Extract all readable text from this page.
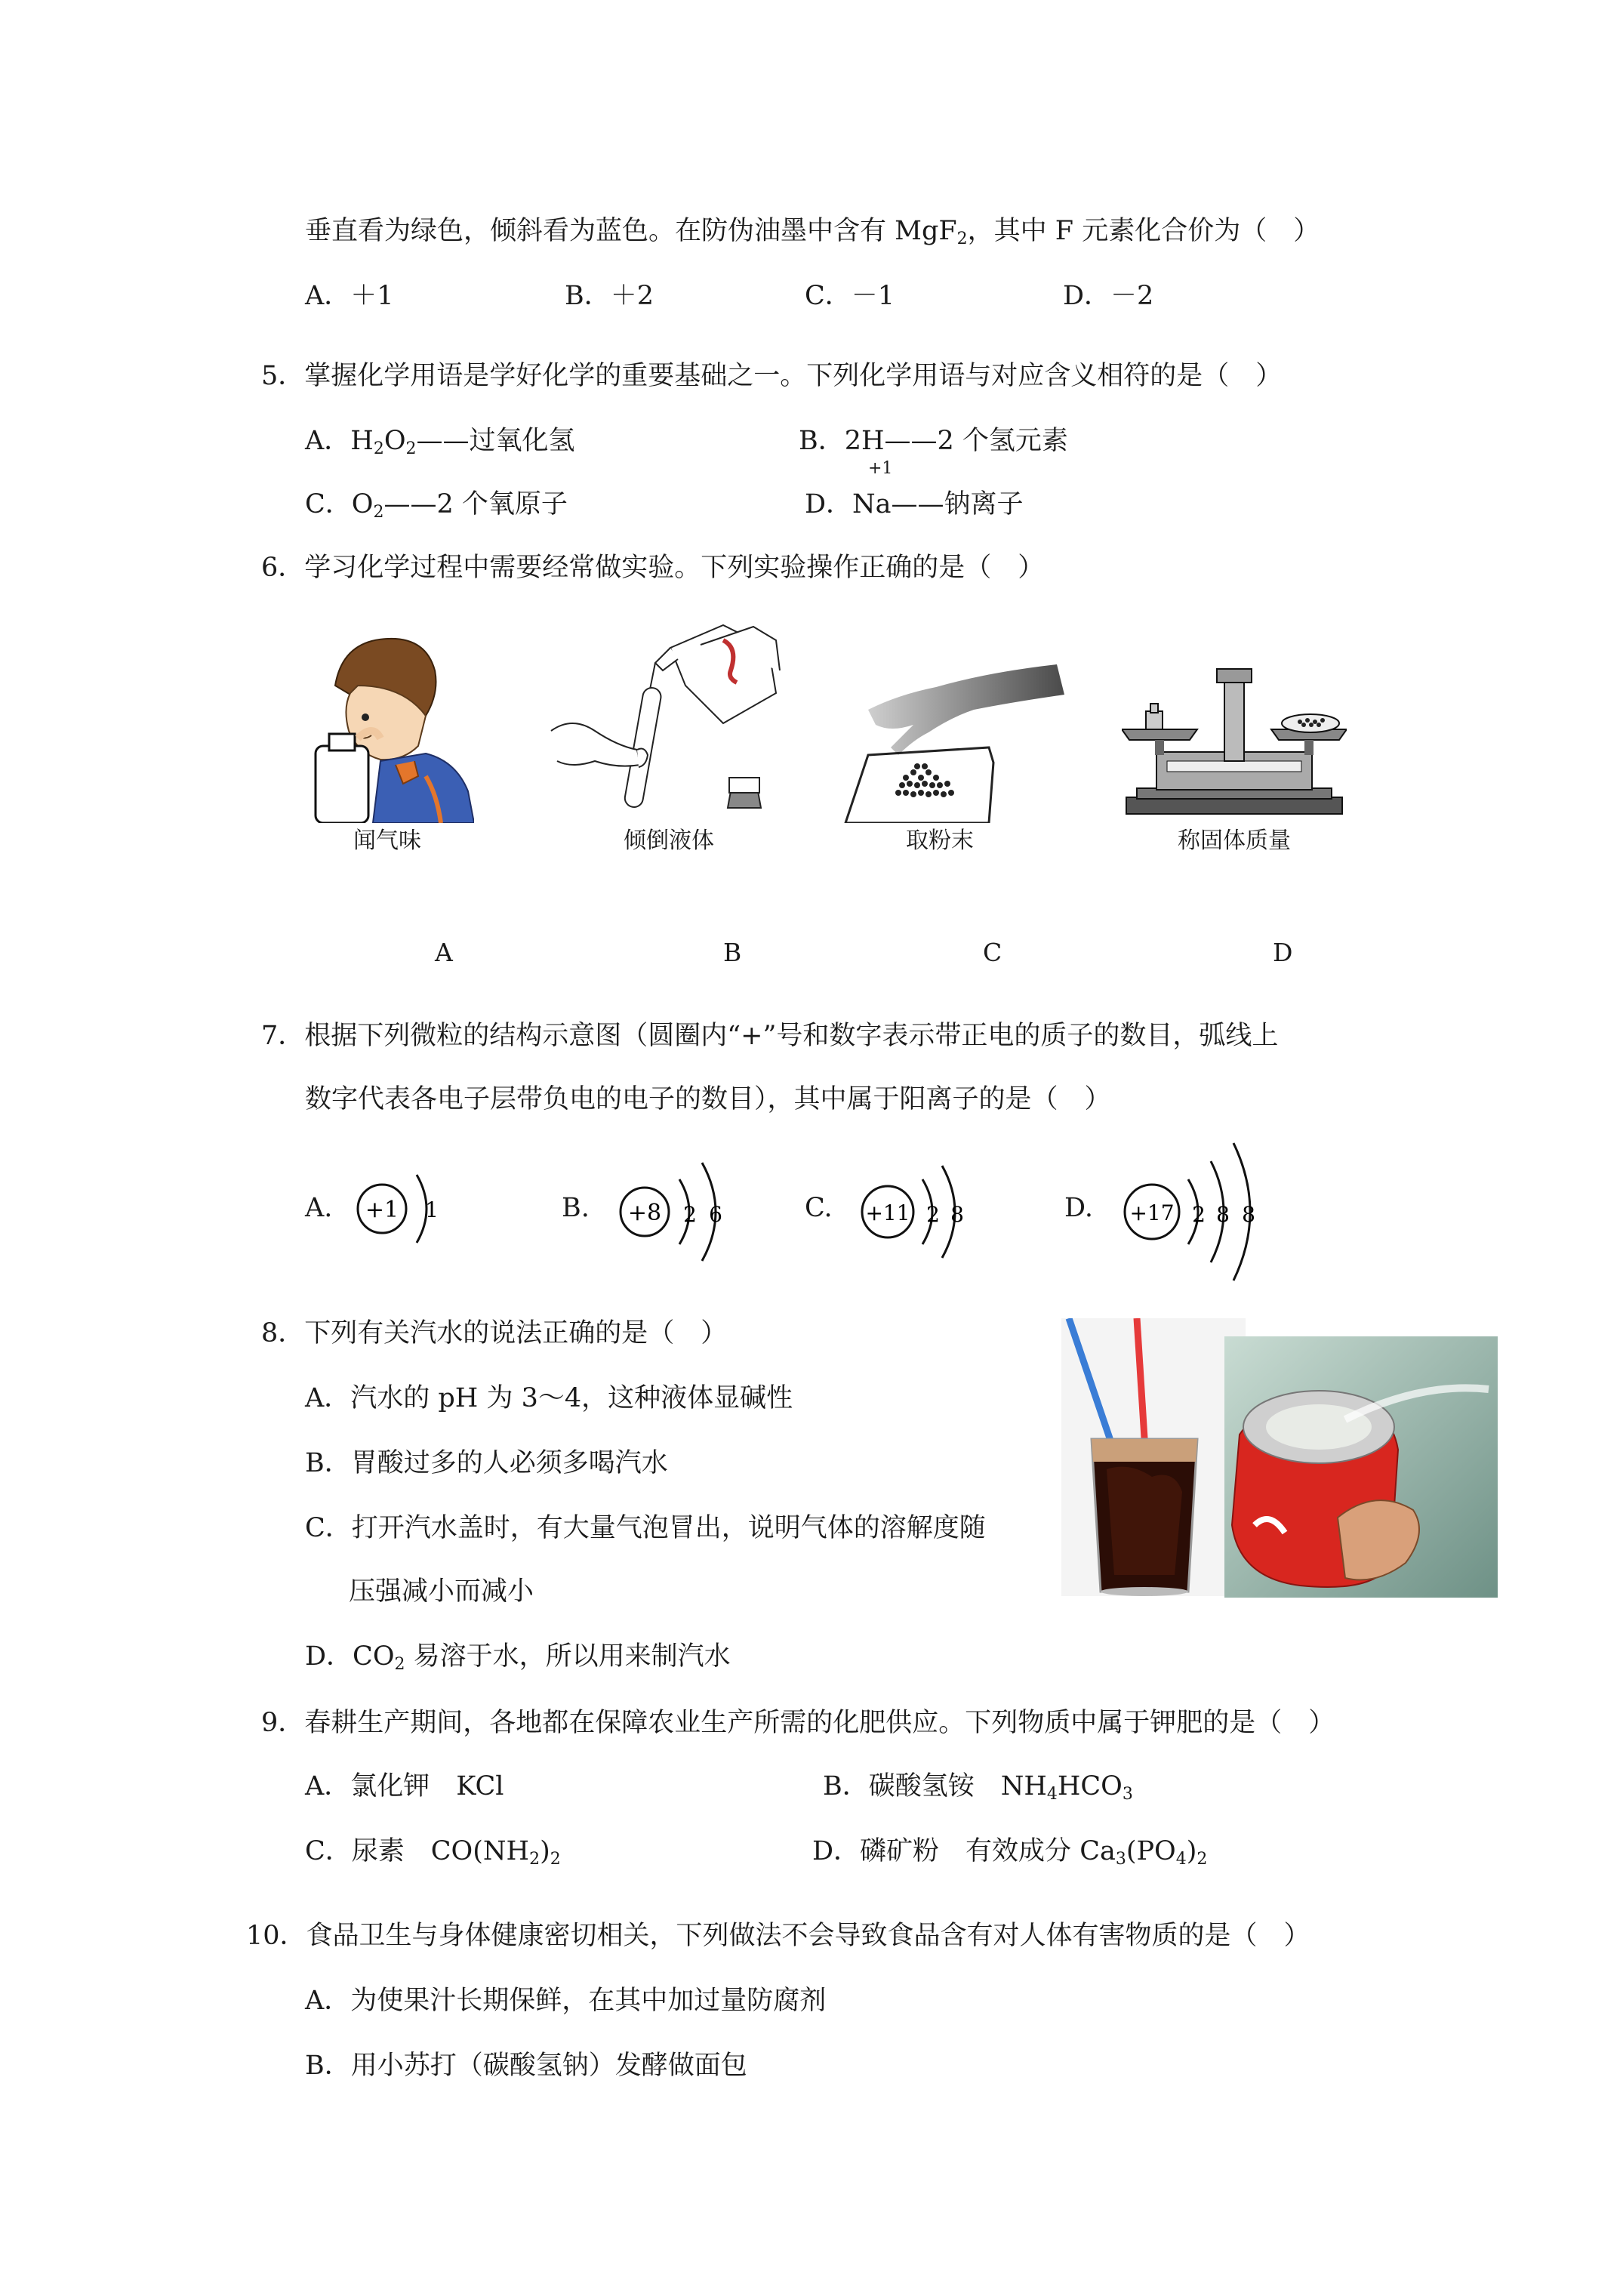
垂直看为绿色，倾斜看为蓝色。在防伪油墨中含有 MgF$_2$，其中 F 元素化合价为（　）
A．＋1	B．＋2	C．－1	D．－2
5．掌握化学用语是学好化学的重要基础之一。下列化学用语与对应含义相符的是（　）
A．$H_2O_2——$过氧化氢	B．2H——2 个氢元素
C．$O_2——2$ 个氧原子
+1
D．Na——钠离子
6．学习化学过程中需要经常做实验。下列实验操作正确的是（　）
闻气味	倾倒液体	取粉末	称固体质量
A	B	C	D
7．根据下列微粒的结构示意图（圆圈内“+”号和数字表示带正电的质子的数目，弧线上
数字代表各电子层带负电的电子的数目），其中属于阳离子的是（　）
A. +1 1	B. +8 2 6	C. +11 2 8	D. +17 2 8 8
8．下列有关汽水的说法正确的是（　）
A．汽水的 pH 为 3～4，这种液体显碱性
B．胃酸过多的人必须多喝汽水
C．打开汽水盖时，有大量气泡冒出，说明气体的溶解度随
压强减小而减小
D．$CO_2$ 易溶于水，所以用来制汽水
9．春耕生产期间，各地都在保障农业生产所需的化肥供应。下列物质中属于钾肥的是（　）
A．氯化钾　KCl	B．碳酸氢铵　$NH_4HCO_3$
C．尿素　$CO(NH_2)_2$	D．磷矿粉　有效成分 $Ca_3(PO_4)_2$
10．食品卫生与身体健康密切相关，下列做法不会导致食品含有对人体有害物质的是（　）
A．为使果汁长期保鲜，在其中加过量防腐剂
B．用小苏打（碳酸氢钠）发酵做面包
